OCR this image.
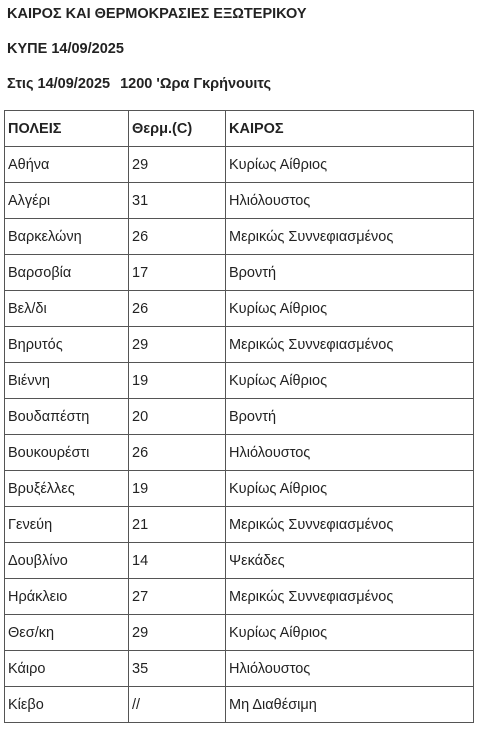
ΚΑΙΡΟΣ ΚΑΙ ΘΕΡΜΟΚΡΑΣΙΕΣ ΕΞΩΤΕΡΙΚΟΥ
ΚΥΠΕ 14/09/2025
Στις 14/09/2025 1200 'Ωρα Γκρήνουιτς
ΠΟΛΕΙΣ	Θερμ.(C)	ΚΑΙΡΟΣ
Αθήνα	29	Κυρίως Αίθριος
Αλγέρι	31	Ηλιόλουστος
Βαρκελώνη	26	Μερικώς Συννεφιασμένος
Βαρσοβία	17	Βροντή
Βελ/δι	26	Κυρίως Αίθριος
Βηρυτός	29	Μερικώς Συννεφιασμένος
Βιέννη	19	Κυρίως Αίθριος
Βουδαπέστη	20	Βροντή
Βουκουρέστι	26	Ηλιόλουστος
Βρυξέλλες	19	Κυρίως Αίθριος
Γενεύη	21	Μερικώς Συννεφιασμένος
Δουβλίνο	14	Ψεκάδες
Ηράκλειο	27	Μερικώς Συννεφιασμένος
Θεσ/κη	29	Κυρίως Αίθριος
Κάιρο	35	Ηλιόλουστος
Κίεβο	//	Μη Διαθέσιμη
